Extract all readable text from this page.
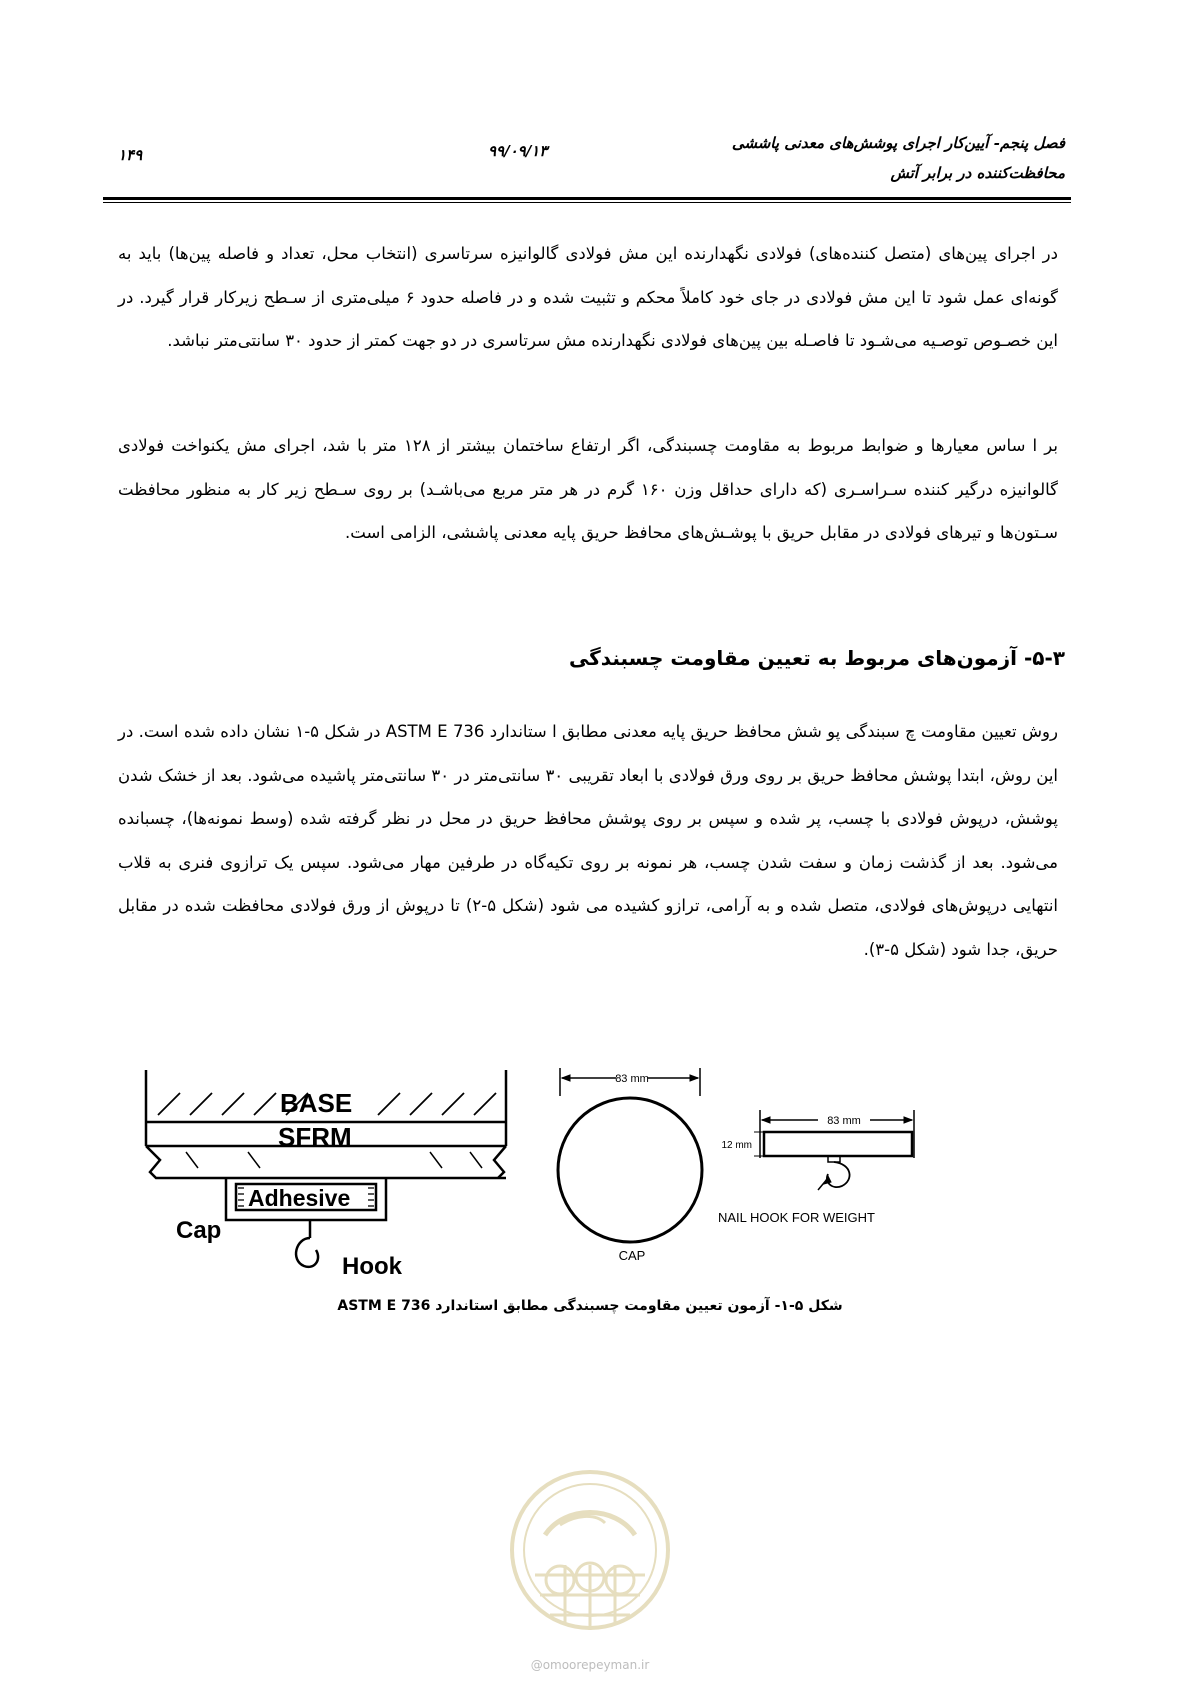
فصل پنجم- آیین‌کار اجرای پوشش‌های معدنی پاششی
محافظت‌کننده در برابر آتش
۹۹/۰۹/۱۳
۱۴۹
در اجرای پین‌های (متصل کننده‌های) فولادی نگهدارنده این مش فولادی گالوانیزه سرتاسری (انتخاب محل، تعداد و فاصله پین‌ها) باید به گونه‌ای عمل شود تا این مش فولادی در جای خود کاملاً محکم و تثبیت شده و در فاصله حدود ۶ میلی‌متری از سـطح زیرکار قرار گیرد. در این خصـوص توصـیه می‌شـود تا فاصـله بین پین‌های فولادی نگهدارنده مش سرتاسری در دو جهت کمتر از حدود ۳۰ سانتی‌متر نباشد.
بر ا ساس معیارها و ضوابط مربوط به مقاومت چسبندگی، اگر ارتفاع ساختمان بیشتر از ۱۲۸ متر با شد، اجرای مش یکنواخت فولادی گالوانیزه درگیر کننده سـراسـری (که دارای حداقل وزن ۱۶۰ گرم در هر متر مربع می‌باشـد) بر روی سـطح زیر کار به منظور محافظت سـتون‌ها و تیرهای فولادی در مقابل حریق با پوشـش‌های محافظ حریق پایه معدنی پاششی، الزامی است.
۵-۳- آزمون‌های مربوط به تعیین مقاومت چسبندگی
روش تعیین مقاومت چ سبندگی پو شش محافظ حریق پایه معدنی مطابق ا ستاندارد ASTM E 736 در شکل ۵-۱ نشان داده شده است. در این روش، ابتدا پوشش محافظ حریق بر روی ورق فولادی با ابعاد تقریبی ۳۰ سانتی‌متر در ۳۰ سانتی‌متر پاشیده می‌شود. بعد از خشک شدن پوشش، درپوش فولادی با چسب، پر شده و سپس بر روی پوشش محافظ حریق در محل در نظر گرفته شده (وسط نمونه‌ها)، چسبانده می‌شود. بعد از گذشت زمان و سفت شدن چسب، هر نمونه بر روی تکیه‌گاه در طرفین مهار می‌شود. سپس یک ترازوی فنری به قلاب انتهایی درپوش‌های فولادی، متصل شده و به آرامی، ترازو کشیده می شود (شکل ۵-۲) تا درپوش از ورق فولادی محافظت شده در مقابل حریق، جدا شود (شکل ۵-۳).
BASE
SFRM
Adhesive
Cap
Hook
83 mm
CAP
83 mm
12 mm
NAIL HOOK FOR WEIGHT
شکل ۵-۱- آزمون تعیین مقاومت چسبندگی مطابق استاندارد ASTM E 736
@omoorepeyman.ir
